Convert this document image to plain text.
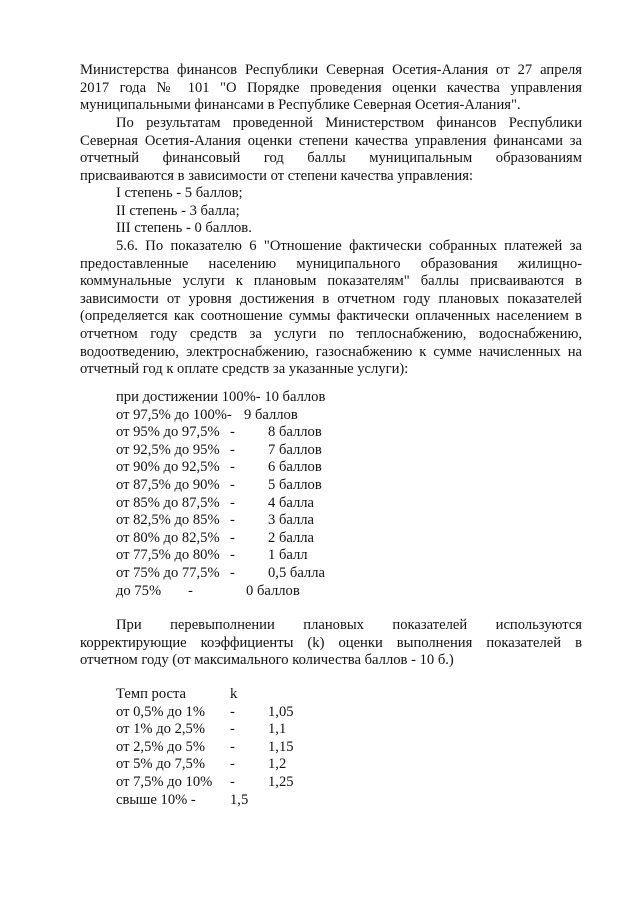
Министерства финансов Республики Северная Осетия-Алания от 27 апреля
2017 года № 101 "О Порядке проведения оценки качества управления
муниципальными финансами в Республике Северная Осетия-Алания".
По результатам проведенной Министерством финансов Республики
Северная Осетия-Алания оценки степени качества управления финансами за
отчетный финансовый год баллы муниципальным образованиям
присваиваются в зависимости от степени качества управления:
I степень - 5 баллов;
II степень - 3 балла;
III степень - 0 баллов.
5.6. По показателю 6 "Отношение фактически собранных платежей за
предоставленные населению муниципального образования жилищно-
коммунальные услуги к плановым показателям" баллы присваиваются в
зависимости от уровня достижения в отчетном году плановых показателей
(определяется как соотношение суммы фактически оплаченных населением в
отчетном году средств за услуги по теплоснабжению, водоснабжению,
водоотведению, электроснабжению, газоснабжению к сумме начисленных на
отчетный год к оплате средств за указанные услуги):
при достижении 100%- 10 баллов
от 97,5% до 100%- 9 баллов
от 95% до 97,5% - 8 баллов
от 92,5% до 95% - 7 баллов
от 90% до 92,5% - 6 баллов
от 87,5% до 90% - 5 баллов
от 85% до 87,5% - 4 балла
от 82,5% до 85% - 3 балла
от 80% до 82,5% - 2 балла
от 77,5% до 80% - 1 балл
от 75% до 77,5% - 0,5 балла
до 75% -	0 баллов
При перевыполнении плановых показателей используются
корректирующие коэффициенты (k) оценки выполнения показателей в
отчетном году (от максимального количества баллов - 10 б.)
Темп роста	k
от 0,5% до 1% - 1,05
от 1% до 2,5% - 1,1
от 2,5% до 5% - 1,15
от 5% до 7,5% - 1,2
от 7,5% до 10% - 1,25
свыше 10% - 1,5
